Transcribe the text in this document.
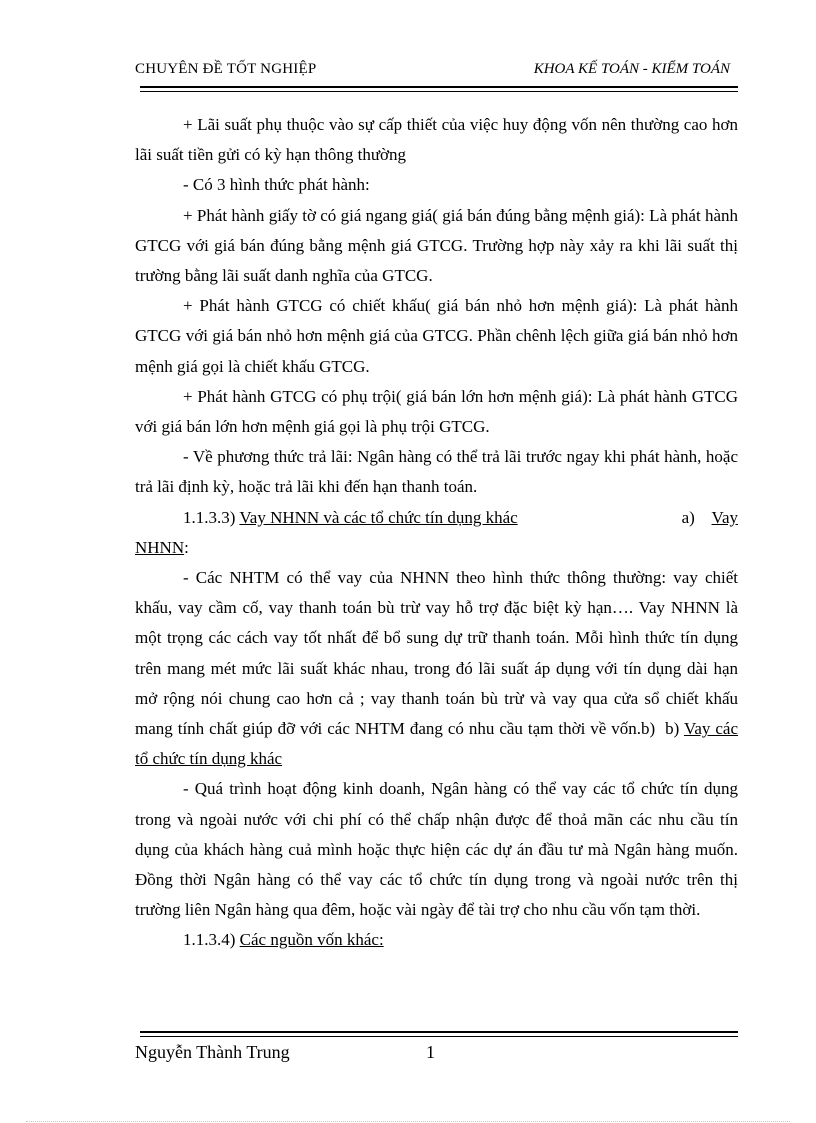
CHUYÊN ĐỀ TỐT NGHIỆP	KHOA KẾ TOÁN - KIỂM TOÁN

+ Lãi suất phụ thuộc vào sự cấp thiết của việc huy động vốn nên thường cao hơn lãi suất tiền gửi có kỳ hạn thông thường

- Có 3 hình thức phát hành:

+ Phát hành giấy tờ có giá ngang giá( giá bán đúng bằng mệnh giá): Là phát hành GTCG với giá bán đúng bằng mệnh giá GTCG. Trường hợp này xảy ra khi lãi suất thị trường bằng lãi suất danh nghĩa của GTCG.

+ Phát hành GTCG có chiết khấu( giá bán nhỏ hơn mệnh giá): Là phát hành GTCG với giá bán nhỏ hơn mệnh giá của GTCG. Phần chênh lệch giữa giá bán nhỏ hơn mệnh giá gọi là chiết khấu GTCG.

+ Phát hành GTCG có phụ trội( giá bán lớn hơn mệnh giá): Là phát hành GTCG với giá bán lớn hơn mệnh giá gọi là phụ trội GTCG.

- Về phương thức trả lãi: Ngân hàng có thể trả lãi trước ngay khi phát hành, hoặc trả lãi định kỳ, hoặc trả lãi khi đến hạn thanh toán.

1.1.3.3) Vay NHNN và các tổ chức tín dụng khác	a) Vay

NHNN:

- Các NHTM có thể vay của NHNN theo hình thức thông thường: vay chiết khấu, vay cầm cố, vay thanh toán bù trừ vay hỗ trợ đặc biệt kỳ hạn…. Vay NHNN là một trọng các cách vay tốt nhất để bổ sung dự trữ thanh toán. Mỗi hình thức tín dụng trên mang mét mức lãi suất khác nhau, trong đó lãi suất áp dụng với tín dụng dài hạn mở rộng nói chung cao hơn cả ; vay thanh toán bù trừ và vay qua cửa sổ chiết khấu mang tính chất giúp đỡ với các NHTM đang có nhu cầu tạm thời về vốn.b) b) Vay các tổ chức tín dụng khác

- Quá trình hoạt động kinh doanh, Ngân hàng có thể vay các tổ chức tín dụng trong và ngoài nước với chi phí có thể chấp nhận được để thoả mãn các nhu cầu tín dụng của khách hàng cuả mình hoặc thực hiện các dự án đầu tư mà Ngân hàng muốn. Đồng thời Ngân hàng có thể vay các tổ chức tín dụng trong và ngoài nước trên thị trường liên Ngân hàng qua đêm, hoặc vài ngày để tài trợ cho nhu cầu vốn tạm thời.

1.1.3.4) Các nguồn vốn khác:

Nguyễn Thành Trung	1
